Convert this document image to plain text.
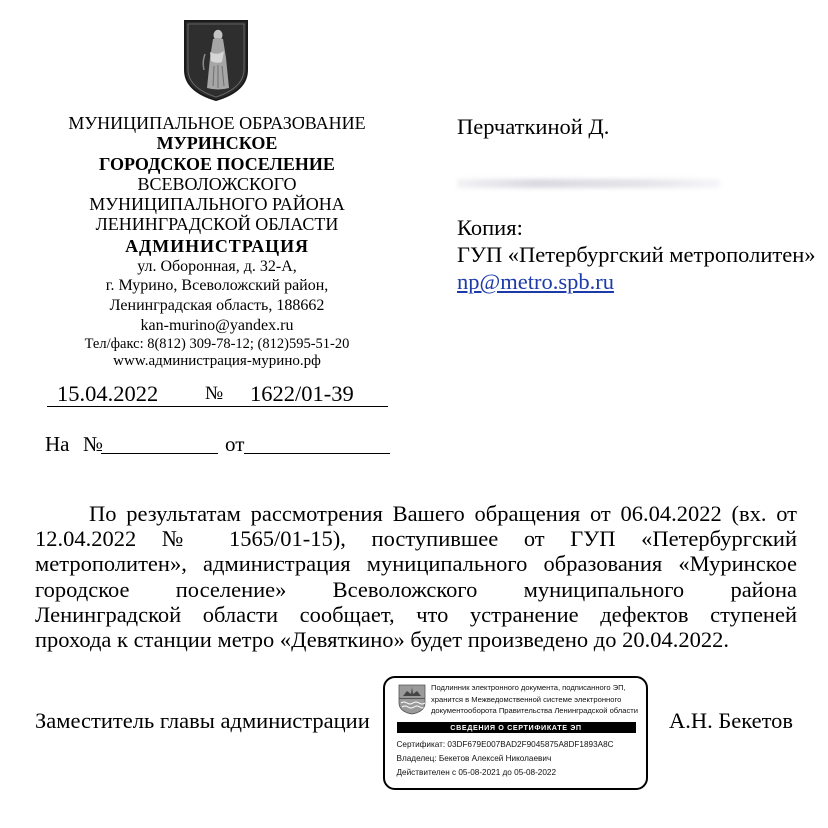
МУНИЦИПАЛЬНОЕ ОБРАЗОВАНИЕ
МУРИНСКОЕ
ГОРОДСКОЕ ПОСЕЛЕНИЕ
ВСЕВОЛОЖСКОГО
МУНИЦИПАЛЬНОГО РАЙОНА
ЛЕНИНГРАДСКОЙ ОБЛАСТИ
АДМИНИСТРАЦИЯ
ул. Оборонная, д. 32-А,
г. Мурино, Всеволожский район,
Ленинградская область, 188662
kan-murino@yandex.ru
Тел/факс: 8(812) 309-78-12; (812)595-51-20
www.администрация-мурино.рф
15.04.2022 № 1622/01-39
На №	от
Перчаткиной Д.
Копия:
ГУП «Петербургский метрополитен»
np@metro.spb.ru
По результатам рассмотрения Вашего обращения от 06.04.2022 (вх. от
12.04.2022 № 1565/01-15), поступившее от ГУП «Петербургский
метрополитен», администрация муниципального образования «Муринское
городское поселение» Всеволожского муниципального района
Ленинградской области сообщает, что устранение дефектов ступеней
прохода к станции метро «Девяткино» будет произведено до 20.04.2022.
Заместитель главы администрации	А.Н. Бекетов
Подлинник электронного документа, подписанного ЭП,
хранится в Межведомственной системе электронного
документооборота Правительства Ленинградской области
СВЕДЕНИЯ О СЕРТИФИКАТЕ ЭП
Сертификат: 03DF679E007BAD2F9045875A8DF1893A8C
Владелец: Бекетов Алексей Николаевич
Действителен с 05-08-2021 до 05-08-2022
